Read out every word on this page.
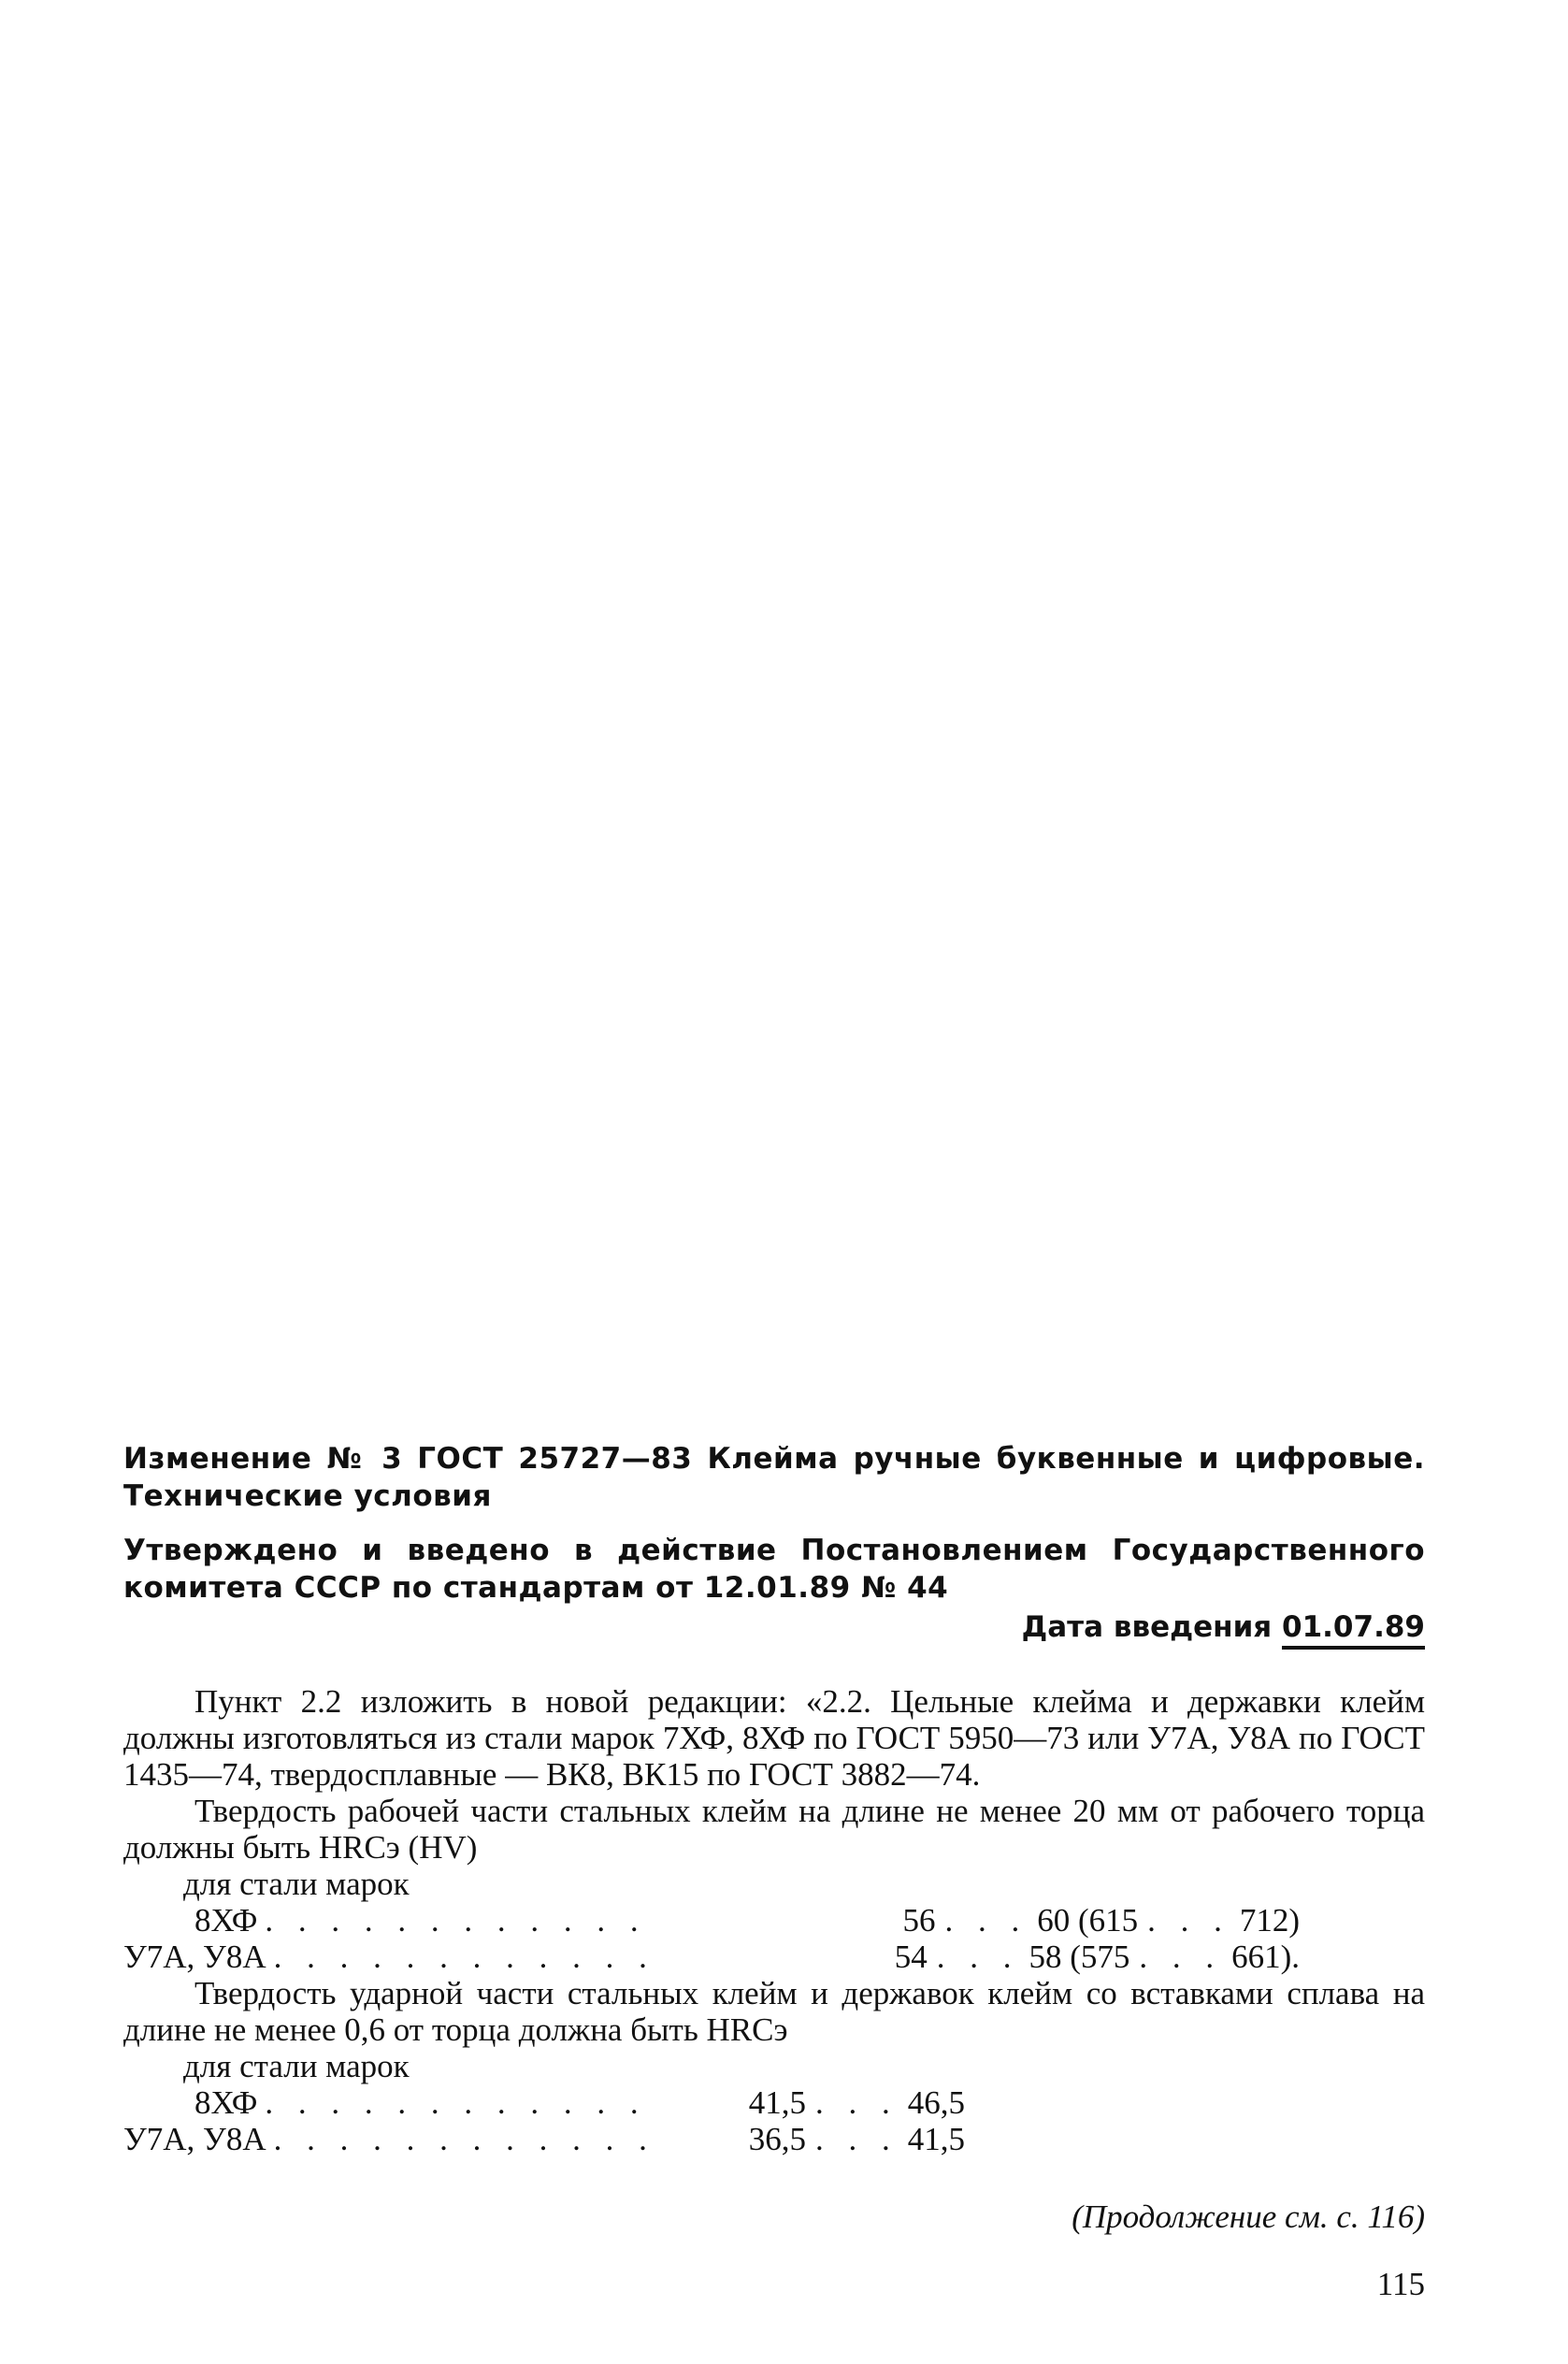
Изменение № 3 ГОСТ 25727—83 Клейма ручные буквенные и цифровые. Технические условия

Утверждено и введено в действие Постановлением Государственного комитета СССР по стандартам от 12.01.89 № 44

Дата введения 01.07.89

Пункт 2.2 изложить в новой редакции: «2.2. Цельные клейма и державки клейм должны изготовляться из стали марок 7ХФ, 8ХФ по ГОСТ 5950—73 или У7А, У8А по ГОСТ 1435—74, твердосплавные — ВК8, ВК15 по ГОСТ 3882—74.

Твердость рабочей части стальных клейм на длине не менее 20 мм от рабочего торца должны быть HRCэ (HV)

для стали марок

8ХФ . . . . . . . . . . . .	56 . . . 60 (615 . . . 712)
У7А, У8А . . . . . . . . . . . .	54 . . . 58 (575 . . . 661).

Твердость ударной части стальных клейм и державок клейм со вставками сплава на длине не менее 0,6 от торца должна быть HRCэ

для стали марок

8ХФ . . . . . . . . . . . .	41,5 . . . 46,5
У7А, У8А . . . . . . . . . . . .	36,5 . . . 41,5
(Продолжение см. с. 116)
115
